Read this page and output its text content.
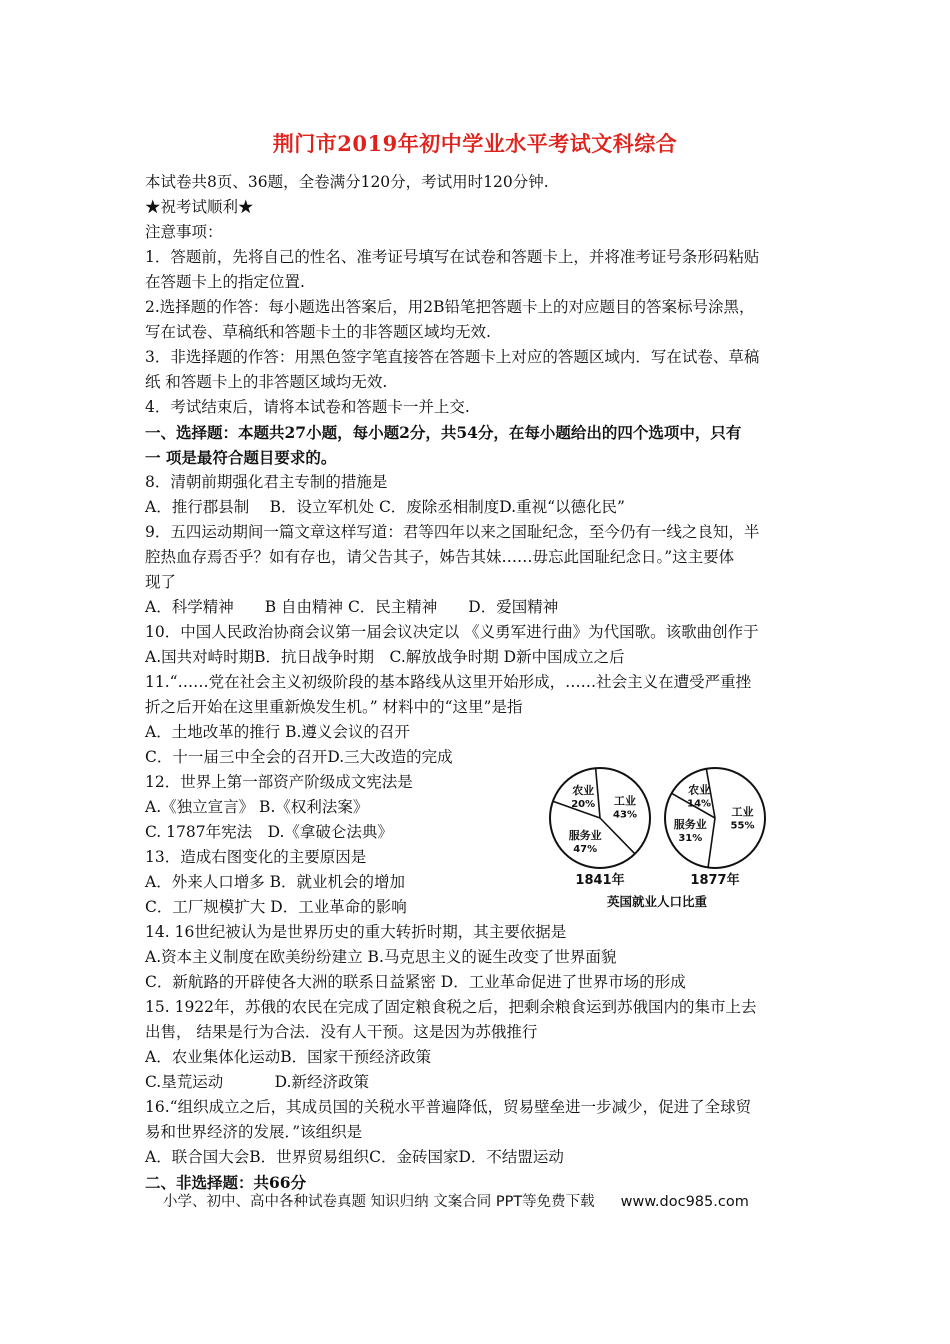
荆门市2019年初中学业水平考试文科综合
本试卷共8页、36题，全卷满分120分，考试用时120分钟.
★祝考试顺利★
注意事项：
1．答题前，先将自己的性名、准考证号填写在试卷和答题卡上，并将准考证号条形码粘贴
在答题卡上的指定位置.
2.选择题的作答：每小题选出答案后，用2B铅笔把答题卡上的对应题目的答案标号涂黑，
写在试卷、草稿纸和答题卡土的非答题区域均无效.
3．非选择题的作答：用黑色签字笔直接答在答题卡上对应的答题区域内．写在试卷、草稿
纸 和答题卡上的非答题区域均无效.
4．考试结束后，请将本试卷和答题卡一并上交.
一、选择题：本题共27小题，每小题2分，共54分，在每小题给出的四个选项中，只有
一 项是最符合题目要求的。
8．清朝前期强化君主专制的措施是
A．推行郡县制　 B．设立军机处 C．废除丞相制度D.重视“以德化民”
9．五四运动期间一篇文章这样写道：君等四年以来之国耻纪念，至今仍有一线之良知，半
腔热血存焉否乎？如有存也，请父告其子，姊告其妹……毋忘此国耻纪念日。”这主要体
现了
A．科学精神　　B 自由精神 C．民主精神　　D．爱国精神
10．中国人民政治协商会议第一届会议决定以 《义勇军进行曲》为代国歌。该歌曲创作于
A.国共对峙时期B．抗日战争时期　C.解放战争时期 D新中国成立之后
11.“……党在社会主义初级阶段的基本路线从这里开始形成，……社会主义在遭受严重挫
折之后开始在这里重新焕发生机。” 材料中的“这里”是指
A．土地改革的推行 B.遵义会议的召开
C．十一届三中全会的召开D.三大改造的完成
12．世界上第一部资产阶级成文宪法是
A.《独立宣言》 B.《权利法案》
C. 1787年宪法　D.《拿破仑法典》
13．造成右图变化的主要原因是
A．外来人口增多 B．就业机会的增加
C．工厂规模扩大 D．工业革命的影响
14. 16世纪被认为是世界历史的重大转折时期，其主要依据是
A.资本主义制度在欧美纷纷建立 B.马克思主义的诞生改变了世界面貌
C．新航路的开辟使各大洲的联系日益紧密 D．工业革命促进了世界市场的形成
15. 1922年，苏俄的农民在完成了固定粮食税之后，把剩余粮食运到苏俄国内的集市上去
出售， 结果是行为合法．没有人干预。这是因为苏俄推行
A．农业集体化运动B．国家干预经济政策
C.垦荒运动　　　 D.新经济政策
16.“组织成立之后，其成员国的关税水平普遍降低，贸易壁垒进一步减少，促进了全球贸
易和世界经济的发展．”该组织是
A．联合国大会B．世界贸易组织C．金砖国家D．不结盟运动
二、非选择题：共66分
小学、初中、高中各种试卷真题 知识归纳 文案合同 PPT等免费下载 www.doc985.com
工业
43%
服务业
47%
农业
20%
1841年
工业
55%
服务业
31%
农业
14%
1877年
英国就业人口比重
